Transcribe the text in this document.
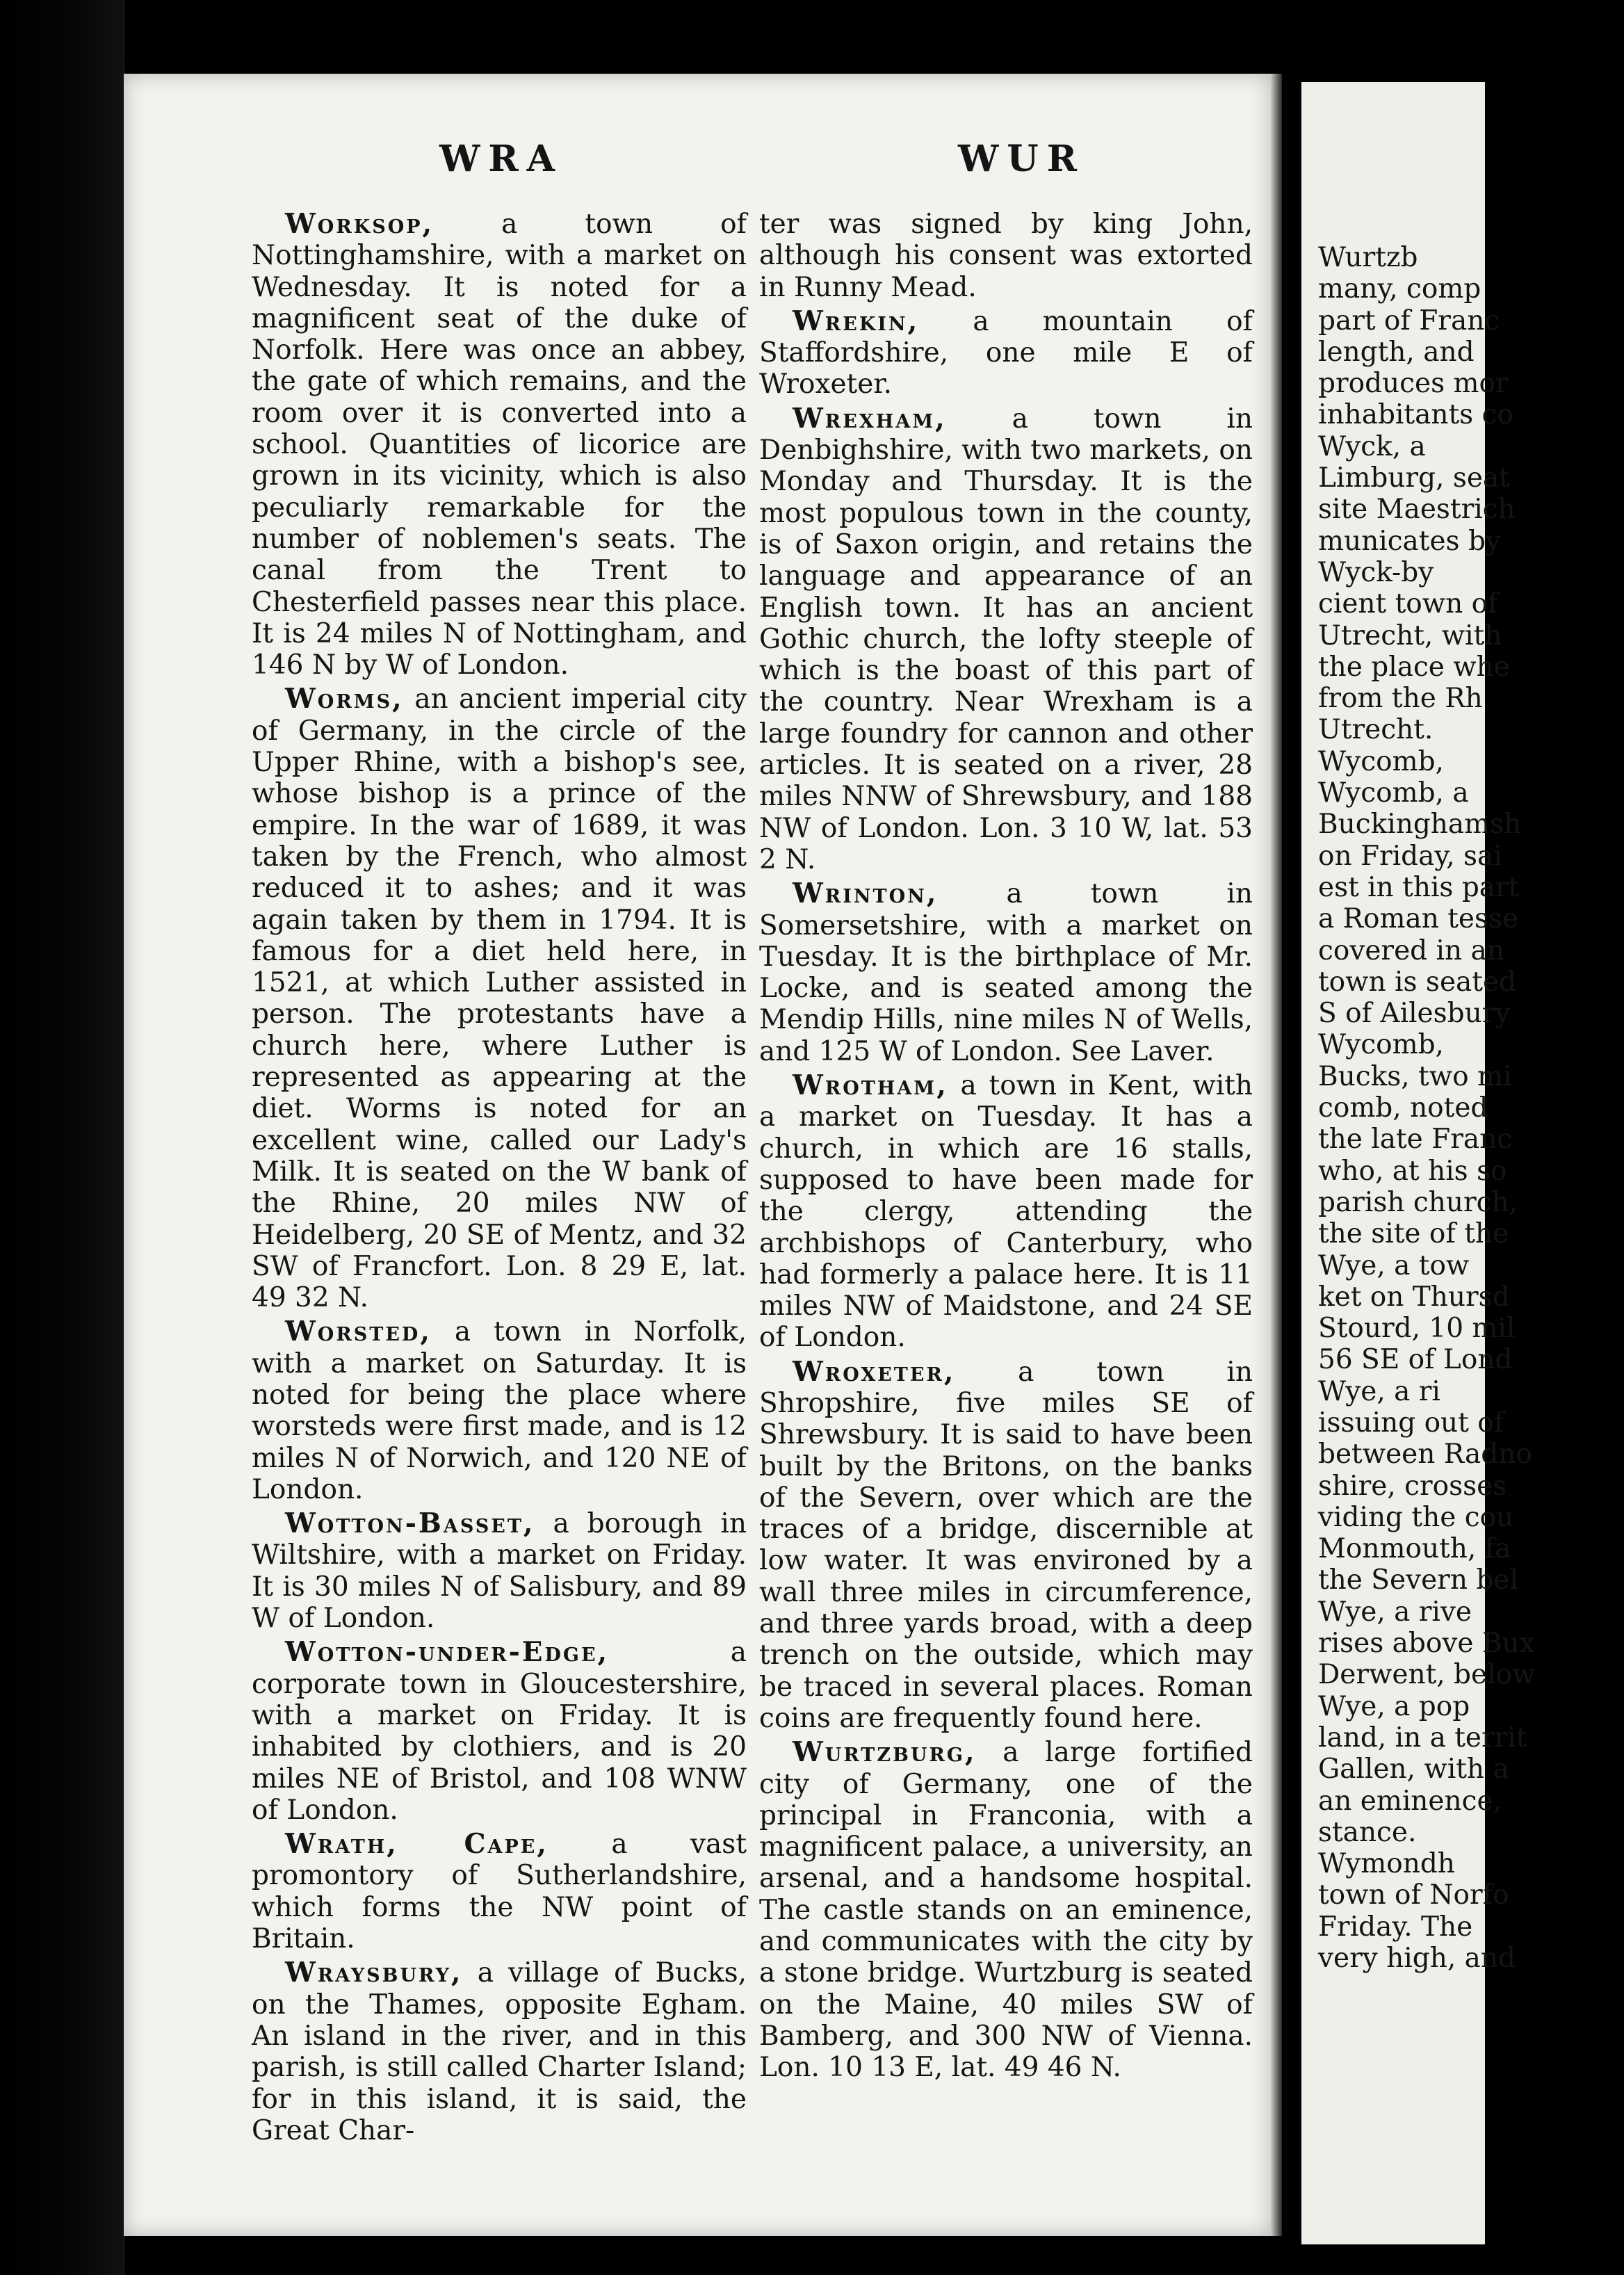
WRA	WUR

Worksop, a town of Nottinghamshire, with a market on Wednesday. It is noted for a magnificent seat of the duke of Norfolk. Here was once an abbey, the gate of which remains, and the room over it is converted into a school. Quantities of licorice are grown in its vicinity, which is also peculiarly remarkable for the number of noblemen's seats. The canal from the Trent to Chesterfield passes near this place. It is 24 miles N of Nottingham, and 146 N by W of London.

Worms, an ancient imperial city of Germany, in the circle of the Upper Rhine, with a bishop's see, whose bishop is a prince of the empire. In the war of 1689, it was taken by the French, who almost reduced it to ashes; and it was again taken by them in 1794. It is famous for a diet held here, in 1521, at which Luther assisted in person. The protestants have a church here, where Luther is represented as appearing at the diet. Worms is noted for an excellent wine, called our Lady's Milk. It is seated on the W bank of the Rhine, 20 miles NW of Heidelberg, 20 SE of Mentz, and 32 SW of Francfort. Lon. 8 29 E, lat. 49 32 N.

Worsted, a town in Norfolk, with a market on Saturday. It is noted for being the place where worsteds were first made, and is 12 miles N of Norwich, and 120 NE of London.

Wotton-Basset, a borough in Wiltshire, with a market on Friday. It is 30 miles N of Salisbury, and 89 W of London.

Wotton-under-Edge, a corporate town in Gloucestershire, with a market on Friday. It is inhabited by clothiers, and is 20 miles NE of Bristol, and 108 WNW of London.

Wrath, Cape, a vast promontory of Sutherlandshire, which forms the NW point of Britain.

Wraysbury, a village of Bucks, on the Thames, opposite Egham. An island in the river, and in this parish, is still called Charter Island; for in this island, it is said, the Great Char-

ter was signed by king John, although his consent was extorted in Runny Mead.

Wrekin, a mountain of Staffordshire, one mile E of Wroxeter.

Wrexham, a town in Denbighshire, with two markets, on Monday and Thursday. It is the most populous town in the county, is of Saxon origin, and retains the language and appearance of an English town. It has an ancient Gothic church, the lofty steeple of which is the boast of this part of the country. Near Wrexham is a large foundry for cannon and other articles. It is seated on a river, 28 miles NNW of Shrewsbury, and 188 NW of London. Lon. 3 10 W, lat. 53 2 N.

Wrinton, a town in Somersetshire, with a market on Tuesday. It is the birthplace of Mr. Locke, and is seated among the Mendip Hills, nine miles N of Wells, and 125 W of London. See Laver.

Wrotham, a town in Kent, with a market on Tuesday. It has a church, in which are 16 stalls, supposed to have been made for the clergy, attending the archbishops of Canterbury, who had formerly a palace here. It is 11 miles NW of Maidstone, and 24 SE of London.

Wroxeter, a town in Shropshire, five miles SE of Shrewsbury. It is said to have been built by the Britons, on the banks of the Severn, over which are the traces of a bridge, discernible at low water. It was environed by a wall three miles in circumference, and three yards broad, with a deep trench on the outside, which may be traced in several places. Roman coins are frequently found here.

Wurtzburg, a large fortified city of Germany, one of the principal in Franconia, with a magnificent palace, a university, an arsenal, and a handsome hospital. The castle stands on an eminence, and communicates with the city by a stone bridge. Wurtzburg is seated on the Maine, 40 miles SW of Bamberg, and 300 NW of Vienna. Lon. 10 13 E, lat. 49 46 N.

Wurtzb
many, comp
part of Franc
length, and
produces mor
inhabitants co
Wyck, a
Limburg, seat
site Maestrich
municates by
Wyck-by
cient town of
Utrecht, with
the place whe
from the Rh
Utrecht.
Wycomb,
Wycomb, a
Buckinghamsh
on Friday, sai
est in this part
a Roman tesse
covered in an
town is seated
S of Ailesbury
Wycomb,
Bucks, two mi
comb, noted
the late Franc
who, at his so
parish church,
the site of the
Wye, a tow
ket on Thursd
Stourd, 10 mil
56 SE of Lond
Wye, a ri
issuing out of
between Radno
shire, crosses
viding the cou
Monmouth, fa
the Severn bel
Wye, a rive
rises above Bux
Derwent, below
Wye, a pop
land, in a territ
Gallen, with a
an eminence,
stance.
Wymondh
town of Norfo
Friday. The
very high, and
